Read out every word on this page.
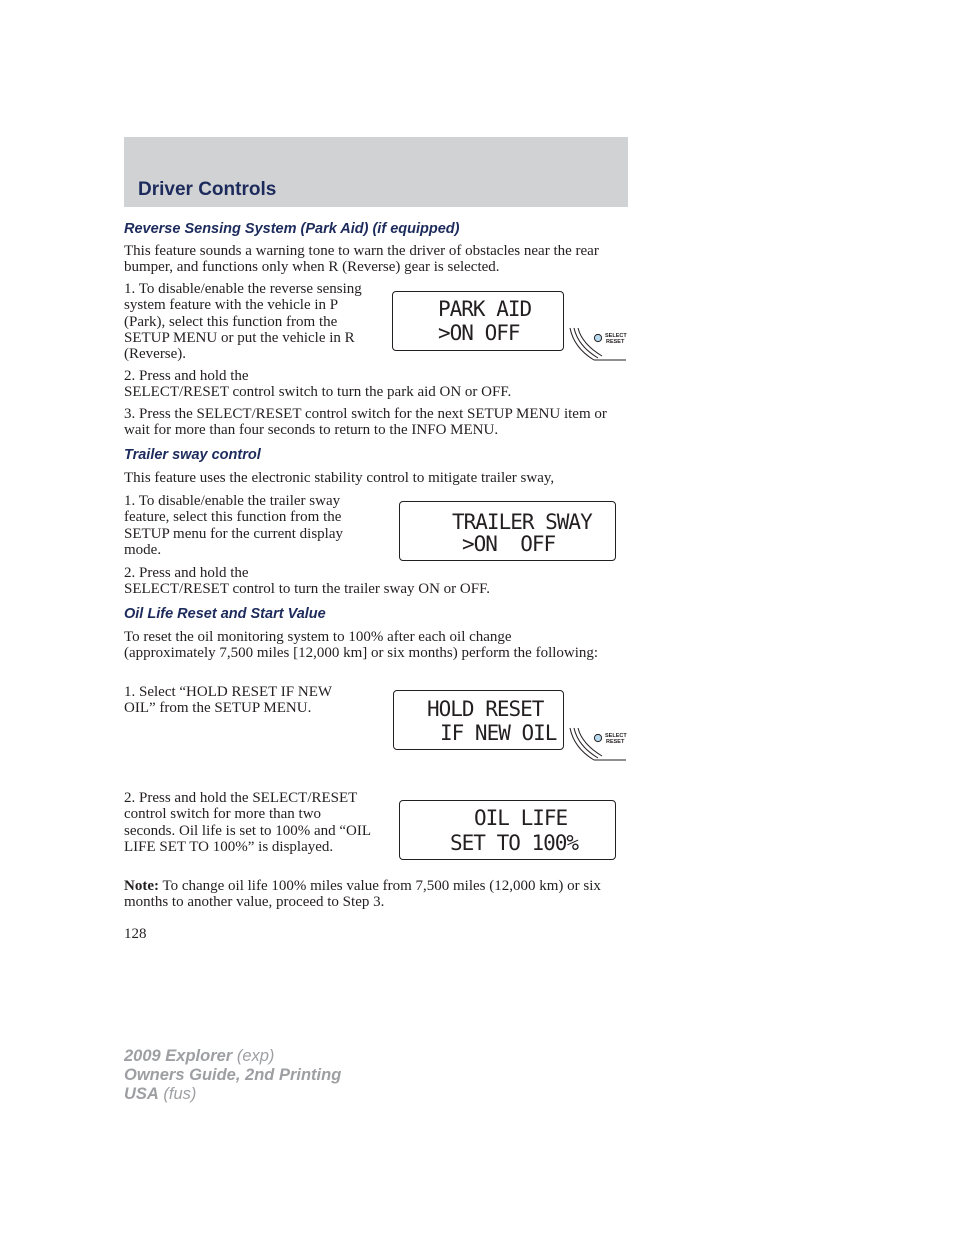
Driver Controls
Reverse Sensing System (Park Aid) (if equipped)

This feature sounds a warning tone to warn the driver of obstacles near the rear bumper, and functions only when R (Reverse) gear is selected.

1. To disable/enable the reverse sensing system feature with the vehicle in P (Park), select this function from the SETUP MENU or put the vehicle in R (Reverse).

PARK AID
>ON OFF	SELECT
RESET

2. Press and hold the

SELECT/RESET control switch to turn the park aid ON or OFF.

3. Press the SELECT/RESET control switch for the next SETUP MENU item or wait for more than four seconds to return to the INFO MENU.

Trailer sway control

This feature uses the electronic stability control to mitigate trailer sway,

1. To disable/enable the trailer sway feature, select this function from the SETUP menu for the current display mode.

TRAILER SWAY
>ON  OFF

2. Press and hold the

SELECT/RESET control to turn the trailer sway ON or OFF.

Oil Life Reset and Start Value

To reset the oil monitoring system to 100% after each oil change (approximately 7,500 miles [12,000 km] or six months) perform the following:

1. Select “HOLD RESET IF NEW OIL” from the SETUP MENU.	HOLD RESET
IF NEW OIL	SELECT
RESET

2. Press and hold the SELECT/RESET control switch for more than two seconds. Oil life is set to 100% and “OIL LIFE SET TO 100%” is displayed.

OIL LIFE
SET TO 100%

Note: To change oil life 100% miles value from 7,500 miles (12,000 km) or six months to another value, proceed to Step 3.

128

2009 Explorer (exp)

Owners Guide, 2nd Printing

USA (fus)
